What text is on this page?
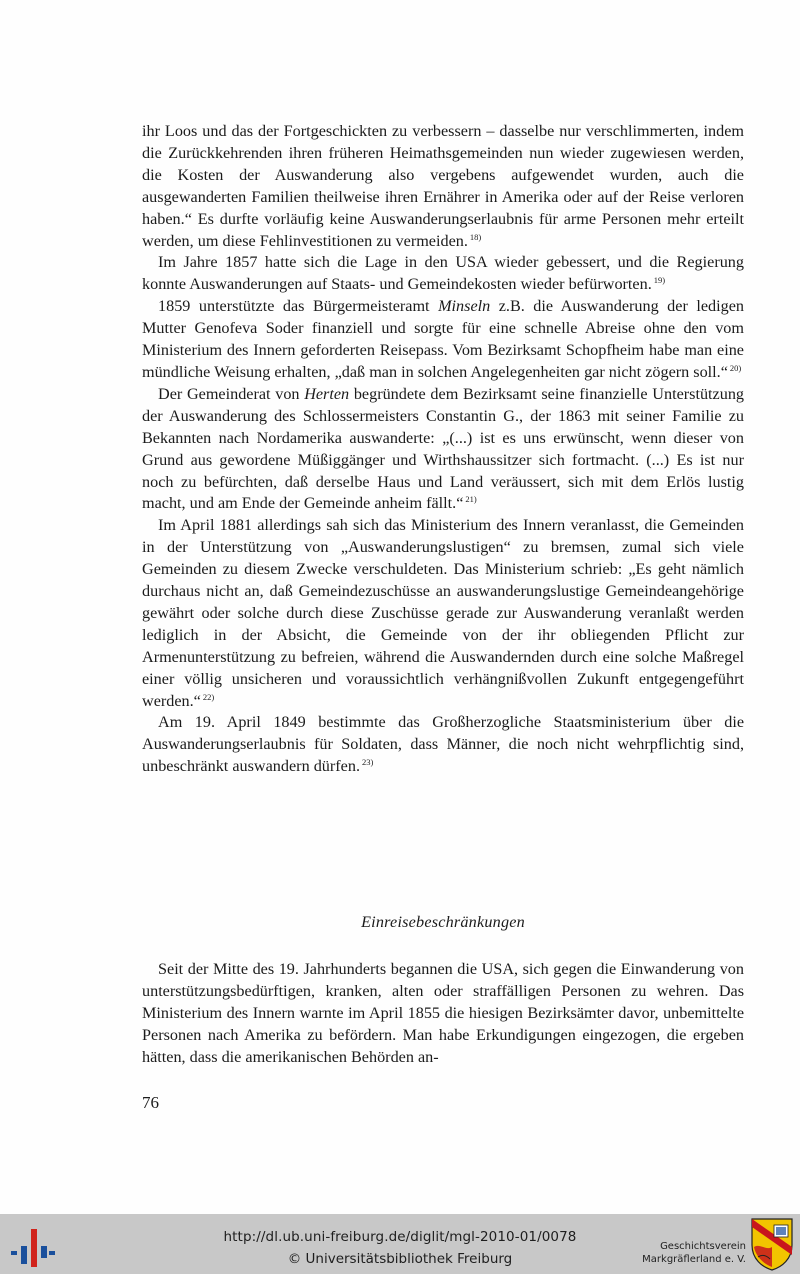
ihr Loos und das der Fortgeschickten zu verbessern – dasselbe nur verschlimmerten, indem die Zurückkehrenden ihren früheren Heimathsgemeinden nun wieder zugewiesen werden, die Kosten der Auswanderung also vergebens aufgewendet wurden, auch die ausgewanderten Familien theilweise ihren Ernährer in Amerika oder auf der Reise verloren haben.“ Es durfte vorläufig keine Auswanderungserlaubnis für arme Personen mehr erteilt werden, um diese Fehlinvestitionen zu vermeiden. $^{18)}$

Im Jahre 1857 hatte sich die Lage in den USA wieder gebessert, und die Regierung konnte Auswanderungen auf Staats- und Gemeindekosten wieder befürworten. $^{19)}$

1859 unterstützte das Bürgermeisteramt Minseln z.B. die Auswanderung der ledigen Mutter Genofeva Soder finanziell und sorgte für eine schnelle Abreise ohne den vom Ministerium des Innern geforderten Reisepass. Vom Bezirksamt Schopfheim habe man eine mündliche Weisung erhalten, „daß man in solchen Angelegenheiten gar nicht zögern soll.“ $^{20)}$

Der Gemeinderat von Herten begründete dem Bezirksamt seine finanzielle Unterstützung der Auswanderung des Schlossermeisters Constantin G., der 1863 mit seiner Familie zu Bekannten nach Nordamerika auswanderte: „(...) ist es uns erwünscht, wenn dieser von Grund aus gewordene Müßiggänger und Wirthshaussitzer sich fortmacht. (...) Es ist nur noch zu befürchten, daß derselbe Haus und Land veräussert, sich mit dem Erlös lustig macht, und am Ende der Gemeinde anheim fällt.“ $^{21)}$

Im April 1881 allerdings sah sich das Ministerium des Innern veranlasst, die Gemeinden in der Unterstützung von „Auswanderungslustigen“ zu bremsen, zumal sich viele Gemeinden zu diesem Zwecke verschuldeten. Das Ministerium schrieb: „Es geht nämlich durchaus nicht an, daß Gemeindezuschüsse an auswanderungslustige Gemeindeangehörige gewährt oder solche durch diese Zuschüsse gerade zur Auswanderung veranlaßt werden lediglich in der Absicht, die Gemeinde von der ihr obliegenden Pflicht zur Armenunterstützung zu befreien, während die Auswandernden durch eine solche Maßregel einer völlig unsicheren und voraussichtlich verhängnißvollen Zukunft entgegengeführt werden.“ $^{22)}$

Am 19. April 1849 bestimmte das Großherzogliche Staatsministerium über die Auswanderungserlaubnis für Soldaten, dass Männer, die noch nicht wehrpflichtig sind, unbeschränkt auswandern dürfen. $^{23)}$

Einreisebeschränkungen

Seit der Mitte des 19. Jahrhunderts begannen die USA, sich gegen die Einwanderung von unterstützungsbedürftigen, kranken, alten oder straffälligen Personen zu wehren. Das Ministerium des Innern warnte im April 1855 die hiesigen Bezirksämter davor, unbemittelte Personen nach Amerika zu befördern. Man habe Erkundigungen eingezogen, die ergeben hätten, dass die amerikanischen Behörden an-

76
http://dl.ub.uni-freiburg.de/diglit/mgl-2010-01/0078
© Universitätsbibliothek Freiburg
Geschichtsverein
Markgräflerland e. V.
